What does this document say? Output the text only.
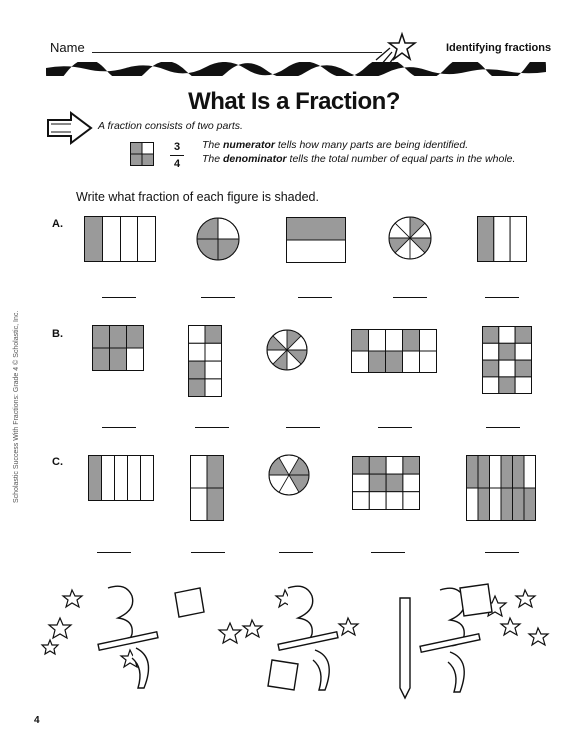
Name	Identifying fractions
What Is a Fraction?
A fraction consists of two parts.
3
4
The numerator tells how many parts are being identified.
The denominator tells the total number of equal parts in the whole.
Write what fraction of each figure is shaded.
A.
B.
C.
Scholastic Success With Fractions: Grade 4 © Scholastic, Inc.
4
